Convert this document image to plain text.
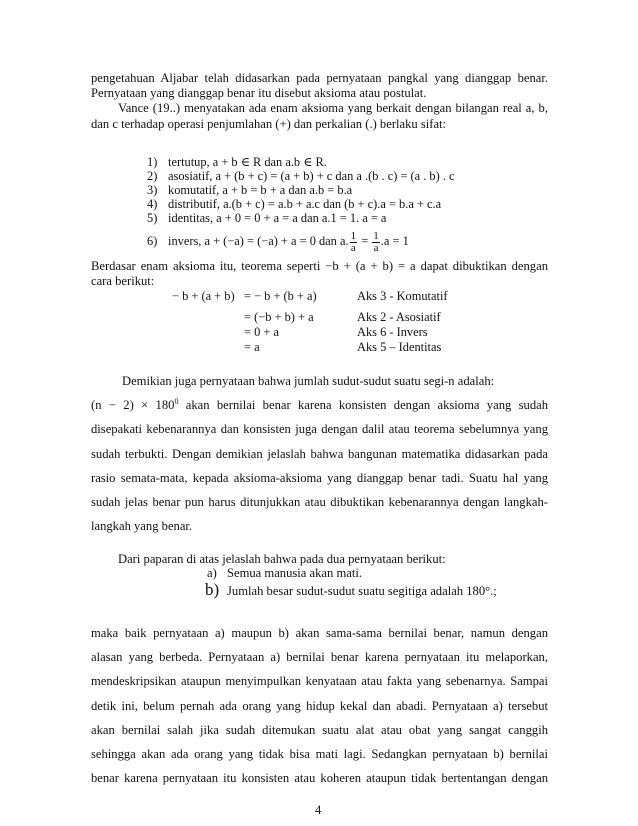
pengetahuan Aljabar telah didasarkan pada pernyataan pangkal yang dianggap benar.
Pernyataan yang dianggap benar itu disebut aksioma atau postulat.
Vance (19..) menyatakan ada enam aksioma yang berkait dengan bilangan real a, b,
dan c terhadap operasi penjumlahan (+) dan perkalian (.) berlaku sifat:
1) tertutup, a + b ∈ R dan a.b ∈ R.
2) asosiatif, a + (b + c) = (a + b) + c dan a .(b . c) = (a . b) . c
3) komutatif, a + b = b + a dan a.b = b.a
4) distributif, a.(b + c) = a.b + a.c dan (b + c).a = b.a + c.a
5) identitas, a + 0 = 0 + a = a dan a.1 = 1. a = a
6) invers, a + (−a) = (−a) + a = 0 dan a. $\frac{1}{a} = \frac{1}{a} .a = 1$
Berdasar enam aksioma itu, teorema seperti −b + (a + b) = a dapat dibuktikan dengan
cara berikut:
− b + (a + b) = − b + (b + a)	Aks 3 - Komutatif
= (−b + b) + a	Aks 2 - Asosiatif
= 0 + a	Aks 6 - Invers
= a	Aks 5 – Identitas
Demikian juga pernyataan bahwa jumlah sudut-sudut suatu segi-n adalah:
$(n - 2) \times 180^0$ akan bernilai benar karena konsisten dengan aksioma yang sudah
disepakati kebenarannya dan konsisten juga dengan dalil atau teorema sebelumnya yang
sudah terbukti. Dengan demikian jelaslah bahwa bangunan matematika didasarkan pada
rasio semata-mata, kepada aksioma-aksioma yang dianggap benar tadi. Suatu hal yang
sudah jelas benar pun harus ditunjukkan atau dibuktikan kebenarannya dengan langkah-
langkah yang benar.
Dari paparan di atas jelaslah bahwa pada dua pernyataan berikut:
a) Semua manusia akan mati.
b) Jumlah besar sudut-sudut suatu segitiga adalah 180°.;
maka baik pernyataan a) maupun b) akan sama-sama bernilai benar, namun dengan
alasan yang berbeda. Pernyataan a) bernilai benar karena pernyataan itu melaporkan,
mendeskripsikan ataupun menyimpulkan kenyataan atau fakta yang sebenarnya. Sampai
detik ini, belum pernah ada orang yang hidup kekal dan abadi. Pernyataan a) tersebut
akan bernilai salah jika sudah ditemukan suatu alat atau obat yang sangat canggih
sehingga akan ada orang yang tidak bisa mati lagi. Sedangkan pernyataan b) bernilai
benar karena pernyataan itu konsisten atau koheren ataupun tidak bertentangan dengan
4
